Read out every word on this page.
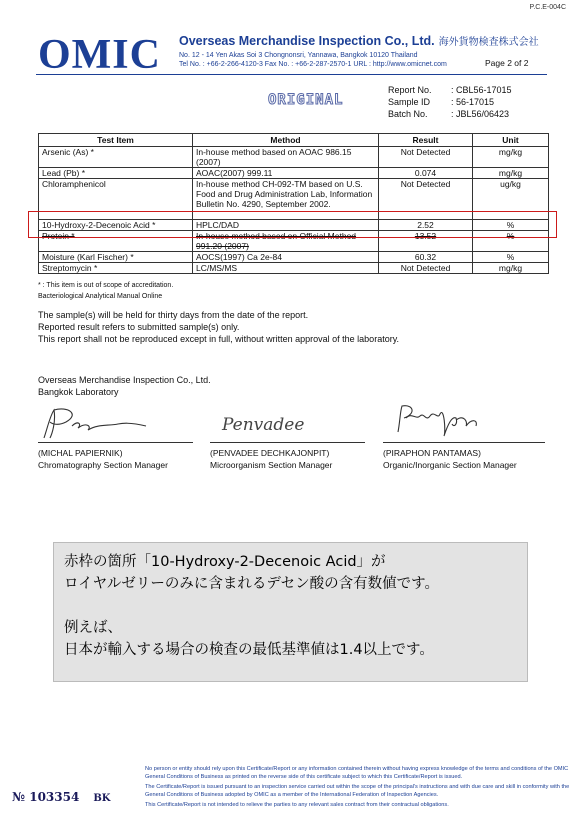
P.C.E-004C
OMIC Overseas Merchandise Inspection Co., Ltd. 海外貨物検査株式会社
No. 12 - 14 Yen Akas Soi 3 Chongnonsri, Yannawa, Bangkok 10120 Thailand
Tel No. : +66-2-266-4120-3 Fax No. : +66-2-287-2570-1 URL : http://www.omicnet.com	Page 2 of 2
ORIGINAL
Report No. : CBL56-17015
Sample ID : 56-17015
Batch No.	: JBL56/06423
Test Item	Method	Result	Unit
Arsenic (As) *	In-house method based on AOAC 986.15 (2007)	Not Detected	mg/kg
Lead (Pb) *	AOAC(2007) 999.11	0.074	mg/kg
Chloramphenicol	In-house method CH-092-TM based on U.S. Food and Drug Administration Lab, Information Bulletin No. 4290, September 2002.	Not Detected	ug/kg
10-Hydroxy-2-Decenoic Acid *	HPLC/DAD	2.52	%
Protein *	In-house method based on Official Method 991.20 (2007)	13.52	%
Moisture (Karl Fischer) *	AOCS(1997) Ca 2e-84	60.32	%
Streptomycin *	LC/MS/MS	Not Detected	mg/kg
* : This item is out of scope of accreditation.
Bacteriological Analytical Manual Online
The sample(s) will be held for thirty days from the date of the report.
Reported result refers to submitted sample(s) only.
This report shall not be reproduced except in full, without written approval of the laboratory.
Overseas Merchandise Inspection Co., Ltd.
Bangkok Laboratory
Penvadee
(MICHAL PAPIERNIK)
Chromatography Section Manager
(PENVADEE DECHKAJONPIT)
Microorganism Section Manager
(PIRAPHON PANTAMAS)
Organic/Inorganic Section Manager
赤枠の箇所「10-Hydroxy-2-Decenoic Acid」が
ロイヤルゼリーのみに含まれるデセン酸の含有数値です。
例えば、
日本が輸入する場合の検査の最低基準値は1.4以上です。
№ 103354 BK

No person or entity should rely upon this Certificate/Report or any information contained therein without having express knowledge of the terms and conditions of the OMIC General Conditions of Business as printed on the reverse side of this certificate subject to which this Certificate/Report is issued.

The Certificate/Report is issued pursuant to an inspection service carried out within the scope of the principal's instructions and with due care and skill in conformity with the General Conditions of Business adopted by OMIC as a member of the International Federation of Inspection Agencies.

This Certificate/Report is not intended to relieve the parties to any relevant sales contract from their contractual obligations.
